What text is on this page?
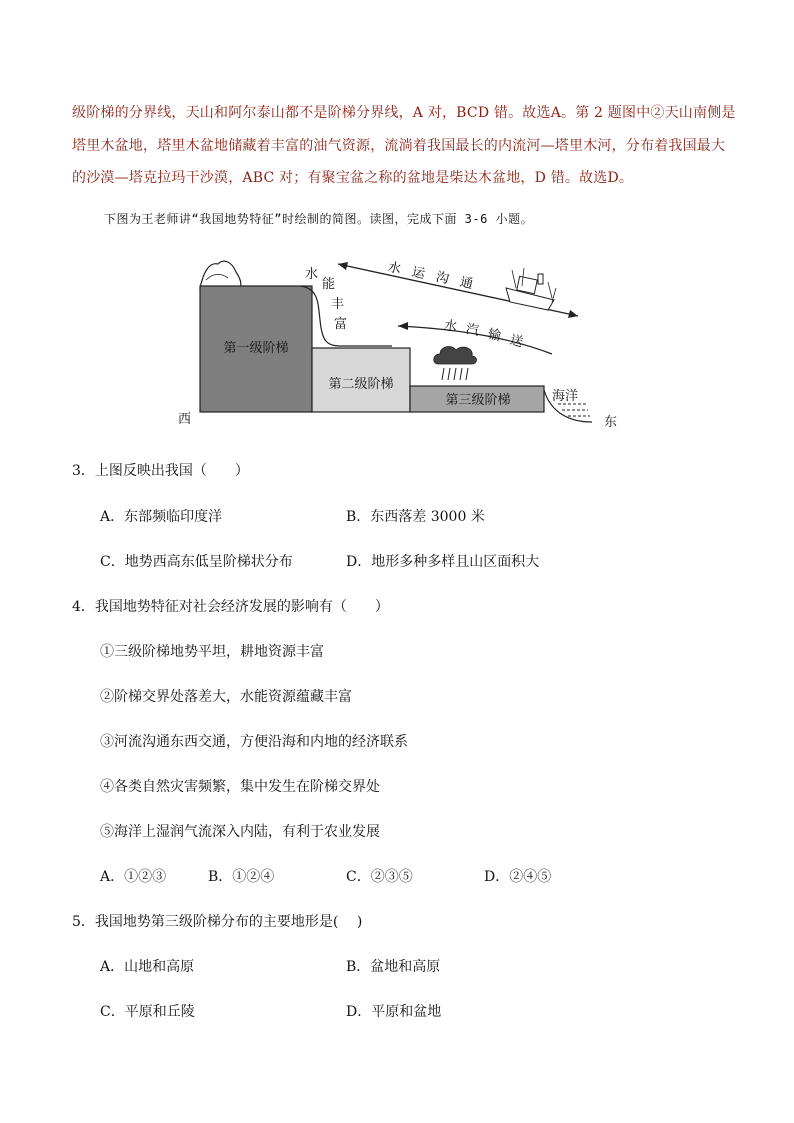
级阶梯的分界线，天山和阿尔泰山都不是阶梯分界线，A 对，BCD 错。故选A。第 2 题图中②天山南侧是
塔里木盆地，塔里木盆地储藏着丰富的油气资源，流淌着我国最长的内流河—塔里木河，分布着我国最大
的沙漠—塔克拉玛干沙漠，ABC 对；有聚宝盆之称的盆地是柴达木盆地，D 错。故选D。
下图为王老师讲“我国地势特征”时绘制的简图。读图，完成下面 3-6 小题。
第一级阶梯
第二级阶梯
第三级阶梯	海洋
西	东
水
能
丰
富
水 运 沟 通
水 汽 输 送
3．上图反映出我国（　　）
A．东部频临印度洋	B．东西落差 3000 米
C．地势西高东低呈阶梯状分布	D．地形多种多样且山区面积大
4．我国地势特征对社会经济发展的影响有（　　）
①三级阶梯地势平坦，耕地资源丰富
②阶梯交界处落差大，水能资源蕴藏丰富
③河流沟通东西交通，方便沿海和内地的经济联系
④各类自然灾害频繁，集中发生在阶梯交界处
⑤海洋上湿润气流深入内陆，有利于农业发展
A．①②③	B．①②④	C．②③⑤	D．②④⑤
5．我国地势第三级阶梯分布的主要地形是(　 )
A．山地和高原	B．盆地和高原
C．平原和丘陵	D．平原和盆地
